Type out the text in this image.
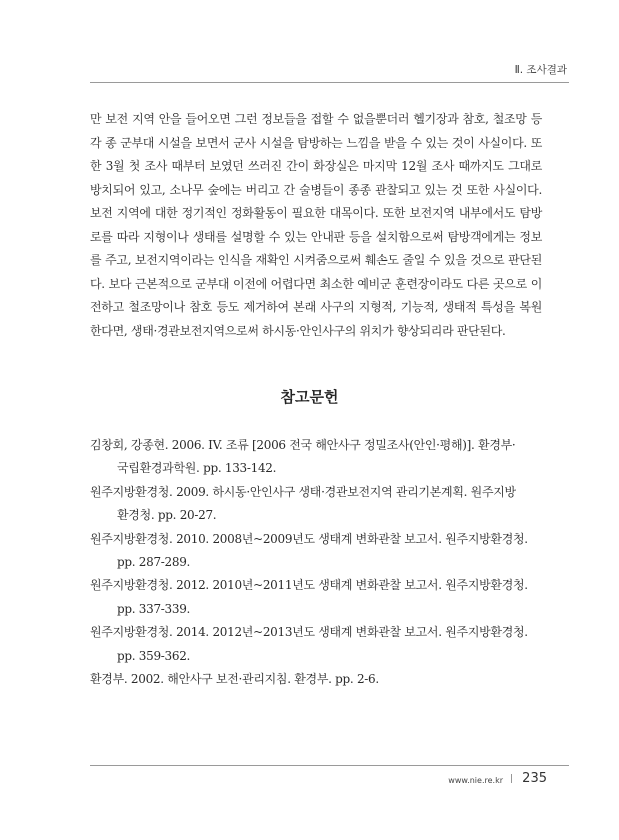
Ⅱ. 조사결과

만 보전 지역 안을 들어오면 그런 정보들을 접할 수 없을뿐더러 헬기장과 참호, 철조망 등 각 종 군부대 시설을 보면서 군사 시설을 탐방하는 느낌을 받을 수 있는 것이 사실이다. 또한 3월 첫 조사 때부터 보였던 쓰러진 간이 화장실은 마지막 12월 조사 때까지도 그대로 방치되어 있고, 소나무 숲에는 버리고 간 술병들이 종종 관찰되고 있는 것 또한 사실이다. 보전 지역에 대한 정기적인 정화활동이 필요한 대목이다. 또한 보전지역 내부에서도 탐방로를 따라 지형이나 생태를 설명할 수 있는 안내판 등을 설치함으로써 탐방객에게는 정보를 주고, 보전지역이라는 인식을 재확인 시켜줌으로써 훼손도 줄일 수 있을 것으로 판단된다. 보다 근본적으로 군부대 이전에 어렵다면 최소한 예비군 훈련장이라도 다른 곳으로 이전하고 철조망이나 참호 등도 제거하여 본래 사구의 지형적, 기능적, 생태적 특성을 복원한다면, 생태·경관보전지역으로써 하시동·안인사구의 위치가 향상되리라 판단된다.

참고문헌
김창회, 강종현. 2006. IV. 조류 [2006 전국 해안사구 정밀조사(안인·평해)]. 환경부·
국립환경과학원. pp. 133-142.
원주지방환경청. 2009. 하시동·안인사구 생태·경관보전지역 관리기본계획. 원주지방
환경청. pp. 20-27.
원주지방환경청. 2010. 2008년~2009년도 생태계 변화관찰 보고서. 원주지방환경청.
pp. 287-289.
원주지방환경청. 2012. 2010년~2011년도 생태계 변화관찰 보고서. 원주지방환경청.
pp. 337-339.
원주지방환경청. 2014. 2012년~2013년도 생태계 변화관찰 보고서. 원주지방환경청.
pp. 359-362.
환경부. 2002. 해안사구 보전·관리지침. 환경부. pp. 2-6.
www.nie.re.kr | 235
